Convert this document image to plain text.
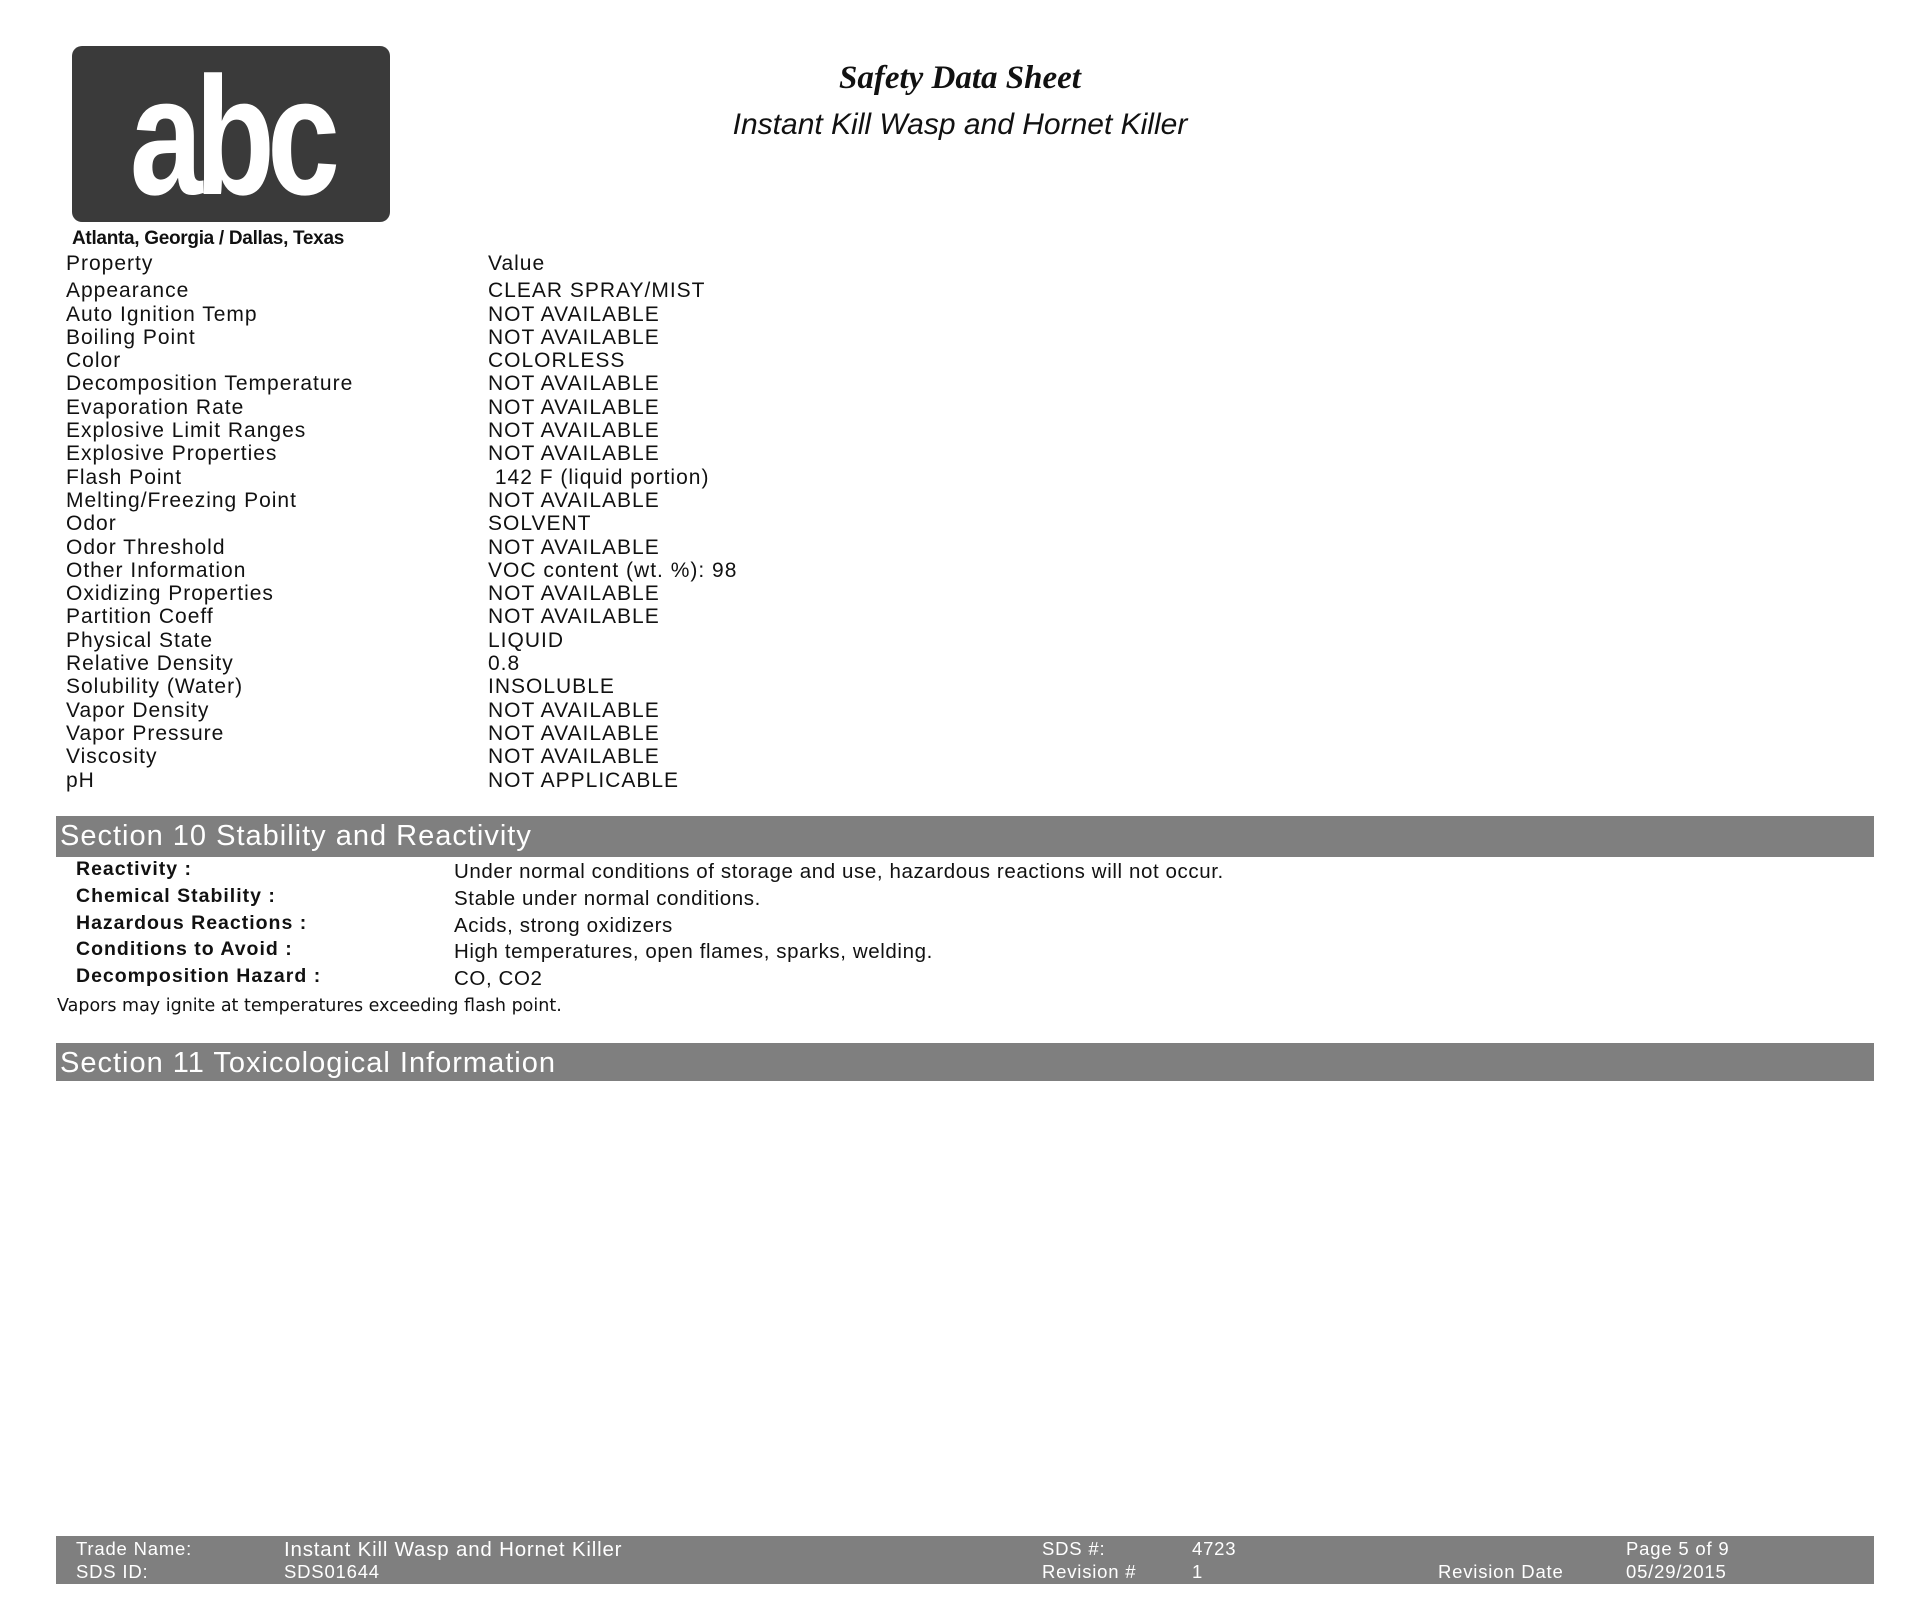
abc
Atlanta, Georgia / Dallas, Texas
Safety Data Sheet
Instant Kill Wasp and Hornet Killer
Property	Value
Appearance	CLEAR SPRAY/MIST
Auto Ignition Temp	NOT AVAILABLE
Boiling Point	NOT AVAILABLE
Color	COLORLESS
Decomposition Temperature	NOT AVAILABLE
Evaporation Rate	NOT AVAILABLE
Explosive Limit Ranges	NOT AVAILABLE
Explosive Properties	NOT AVAILABLE
Flash Point	142 F (liquid portion)
Melting/Freezing Point	NOT AVAILABLE
Odor	SOLVENT
Odor Threshold	NOT AVAILABLE
Other Information	VOC content (wt. %): 98
Oxidizing Properties	NOT AVAILABLE
Partition Coeff	NOT AVAILABLE
Physical State	LIQUID
Relative Density	0.8
Solubility (Water)	INSOLUBLE
Vapor Density	NOT AVAILABLE
Vapor Pressure	NOT AVAILABLE
Viscosity	NOT AVAILABLE
pH	NOT APPLICABLE
Section 10 Stability and Reactivity
Reactivity :	Under normal conditions of storage and use, hazardous reactions will not occur.
Chemical Stability :	Stable under normal conditions.
Hazardous Reactions :	Acids, strong oxidizers
Conditions to Avoid :	High temperatures, open flames, sparks, welding.
Decomposition Hazard :	CO, CO2
Vapors may ignite at temperatures exceeding flash point.
Section 11 Toxicological Information
Trade Name:	Instant Kill Wasp and Hornet Killer	SDS #:	4723	Page 5 of 9
SDS ID:	SDS01644	Revision #	1	Revision Date	05/29/2015
